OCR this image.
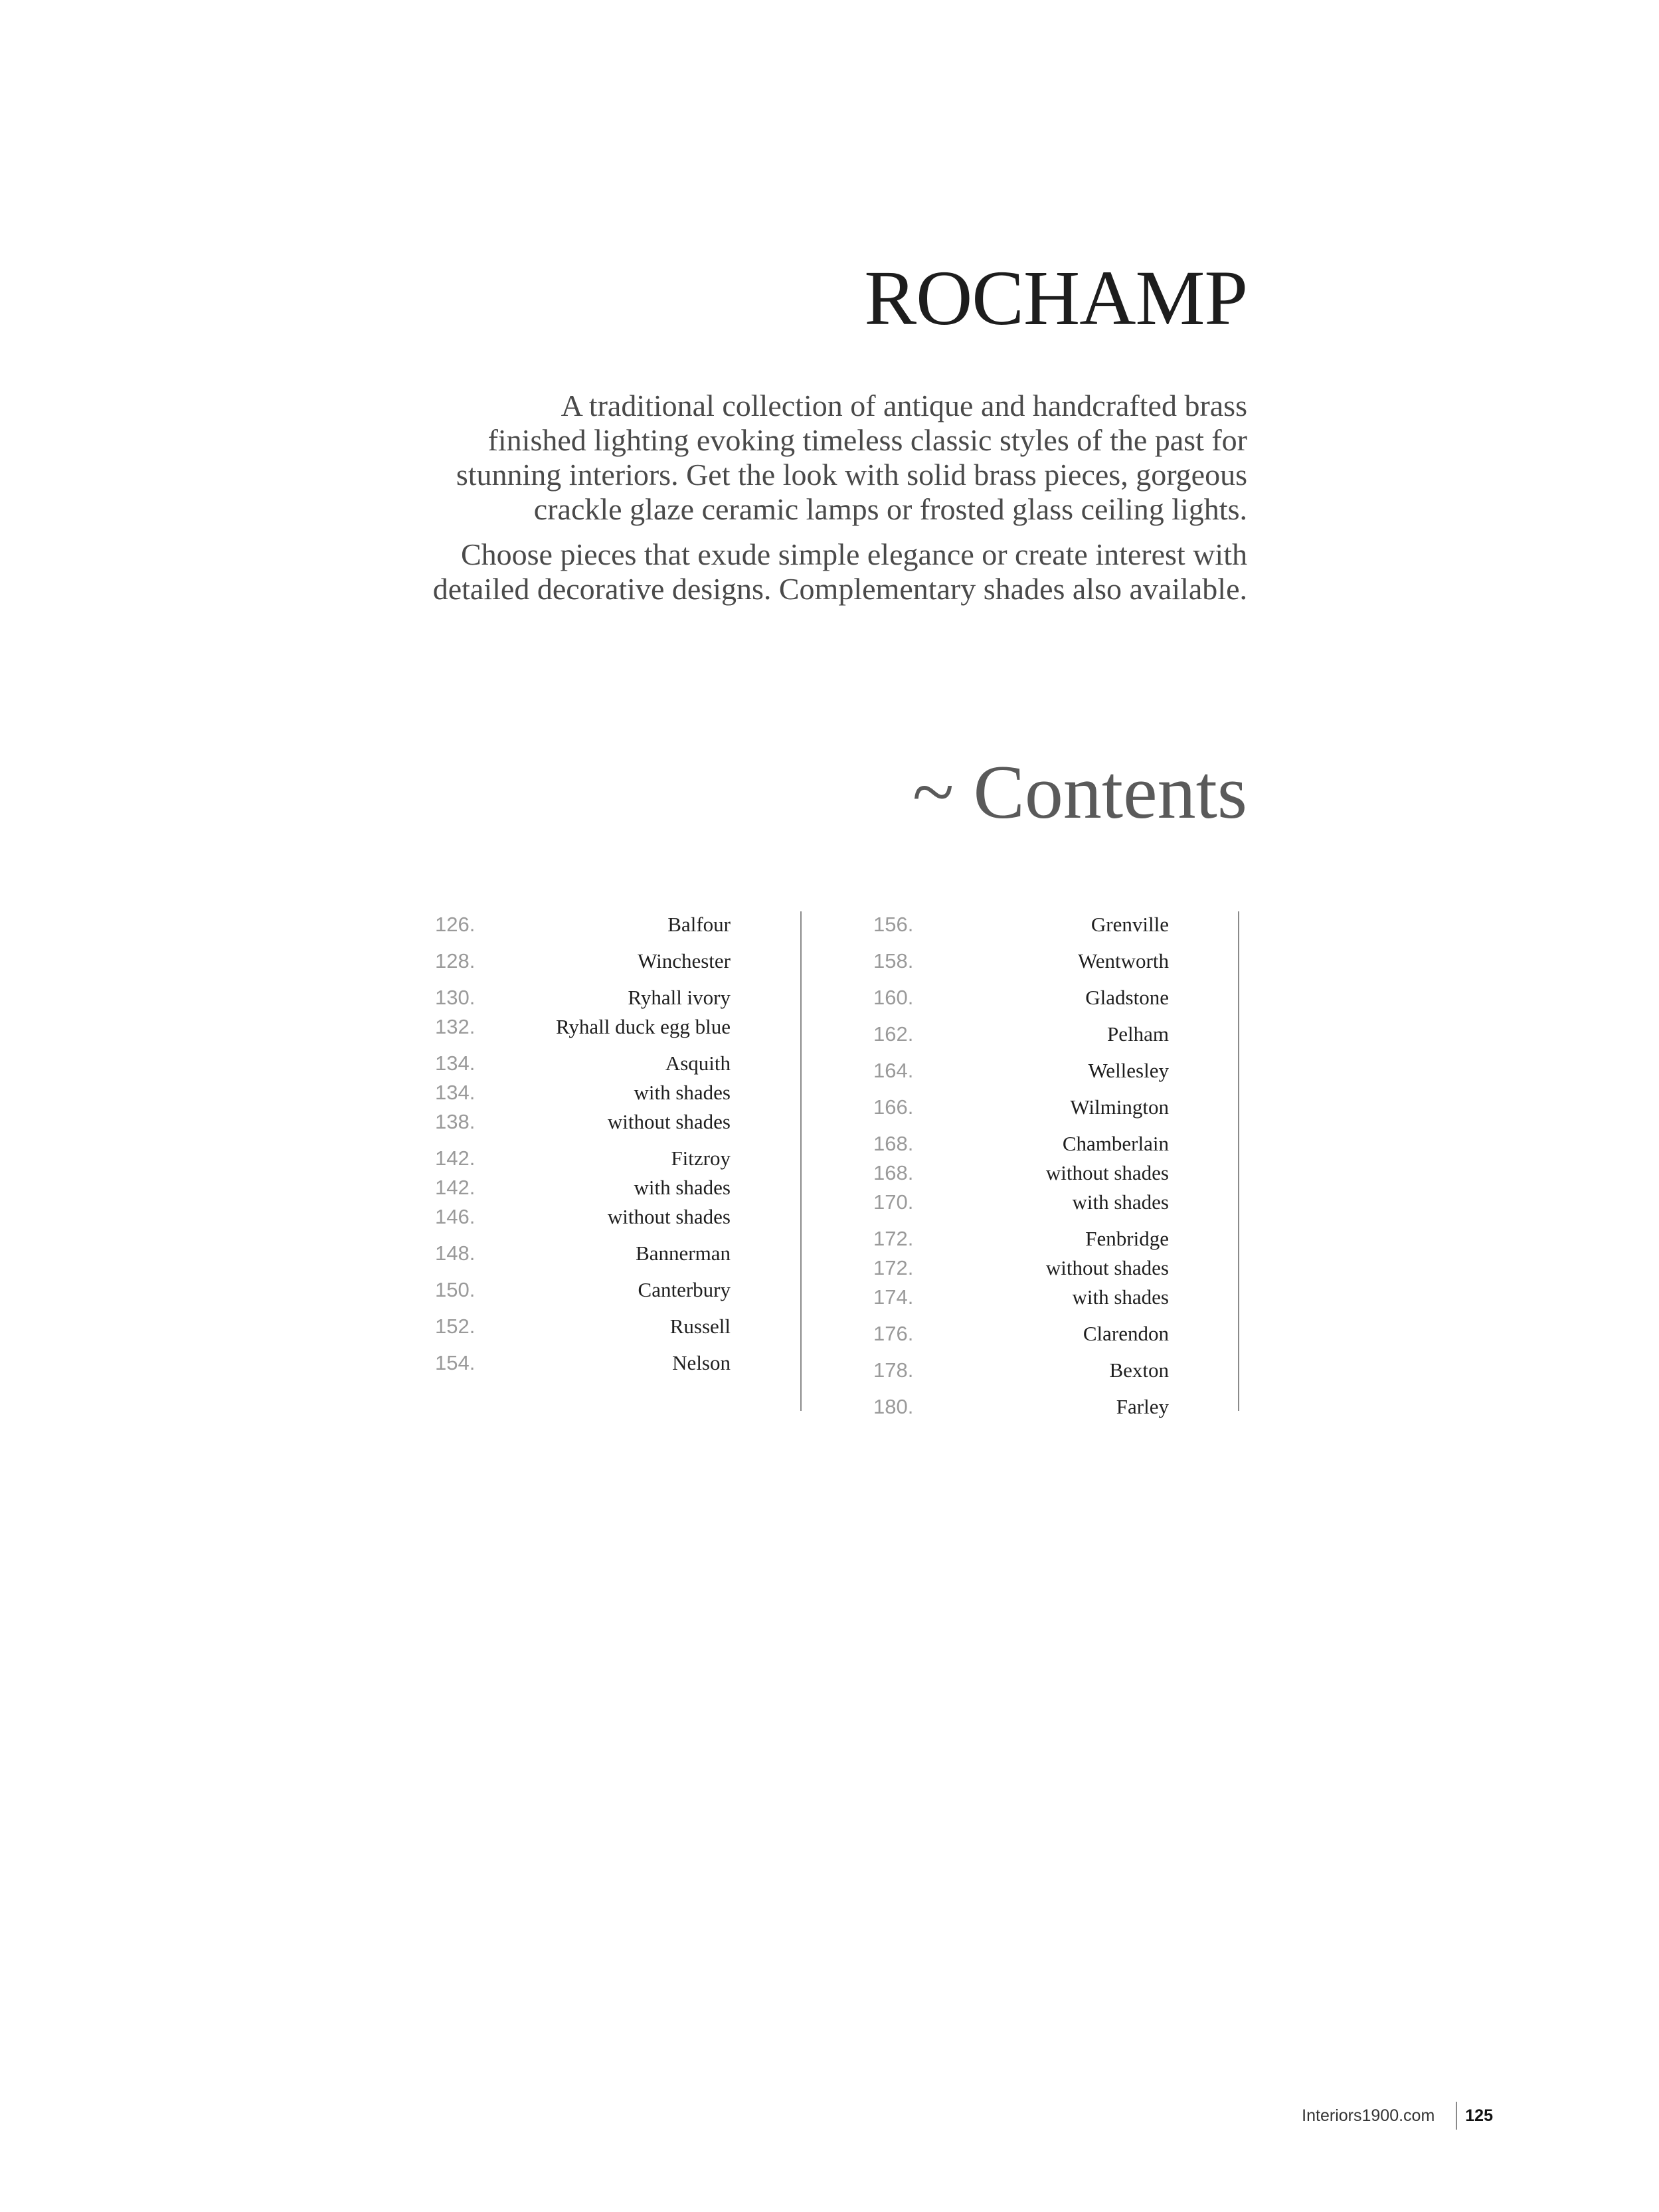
ROCHAMP

A traditional collection of antique and handcrafted brass
finished lighting evoking timeless classic styles of the past for
stunning interiors. Get the look with solid brass pieces, gorgeous
crackle glaze ceramic lamps or frosted glass ceiling lights.

Choose pieces that exude simple elegance or create interest with
detailed decorative designs. Complementary shades also available.

~ Contents
126.	Balfour
128.	Winchester
130.	Ryhall ivory
132.	Ryhall duck egg blue
134.	Asquith
134.	with shades
138.	without shades
142.	Fitzroy
142.	with shades
146.	without shades
148.	Bannerman
150.	Canterbury
152.	Russell
154.	Nelson
156.	Grenville
158.	Wentworth
160.	Gladstone
162.	Pelham
164.	Wellesley
166.	Wilmington
168.	Chamberlain
168.	without shades
170.	with shades
172.	Fenbridge
172.	without shades
174.	with shades
176.	Clarendon
178.	Bexton
180.	Farley
Interiors1900.com 125
